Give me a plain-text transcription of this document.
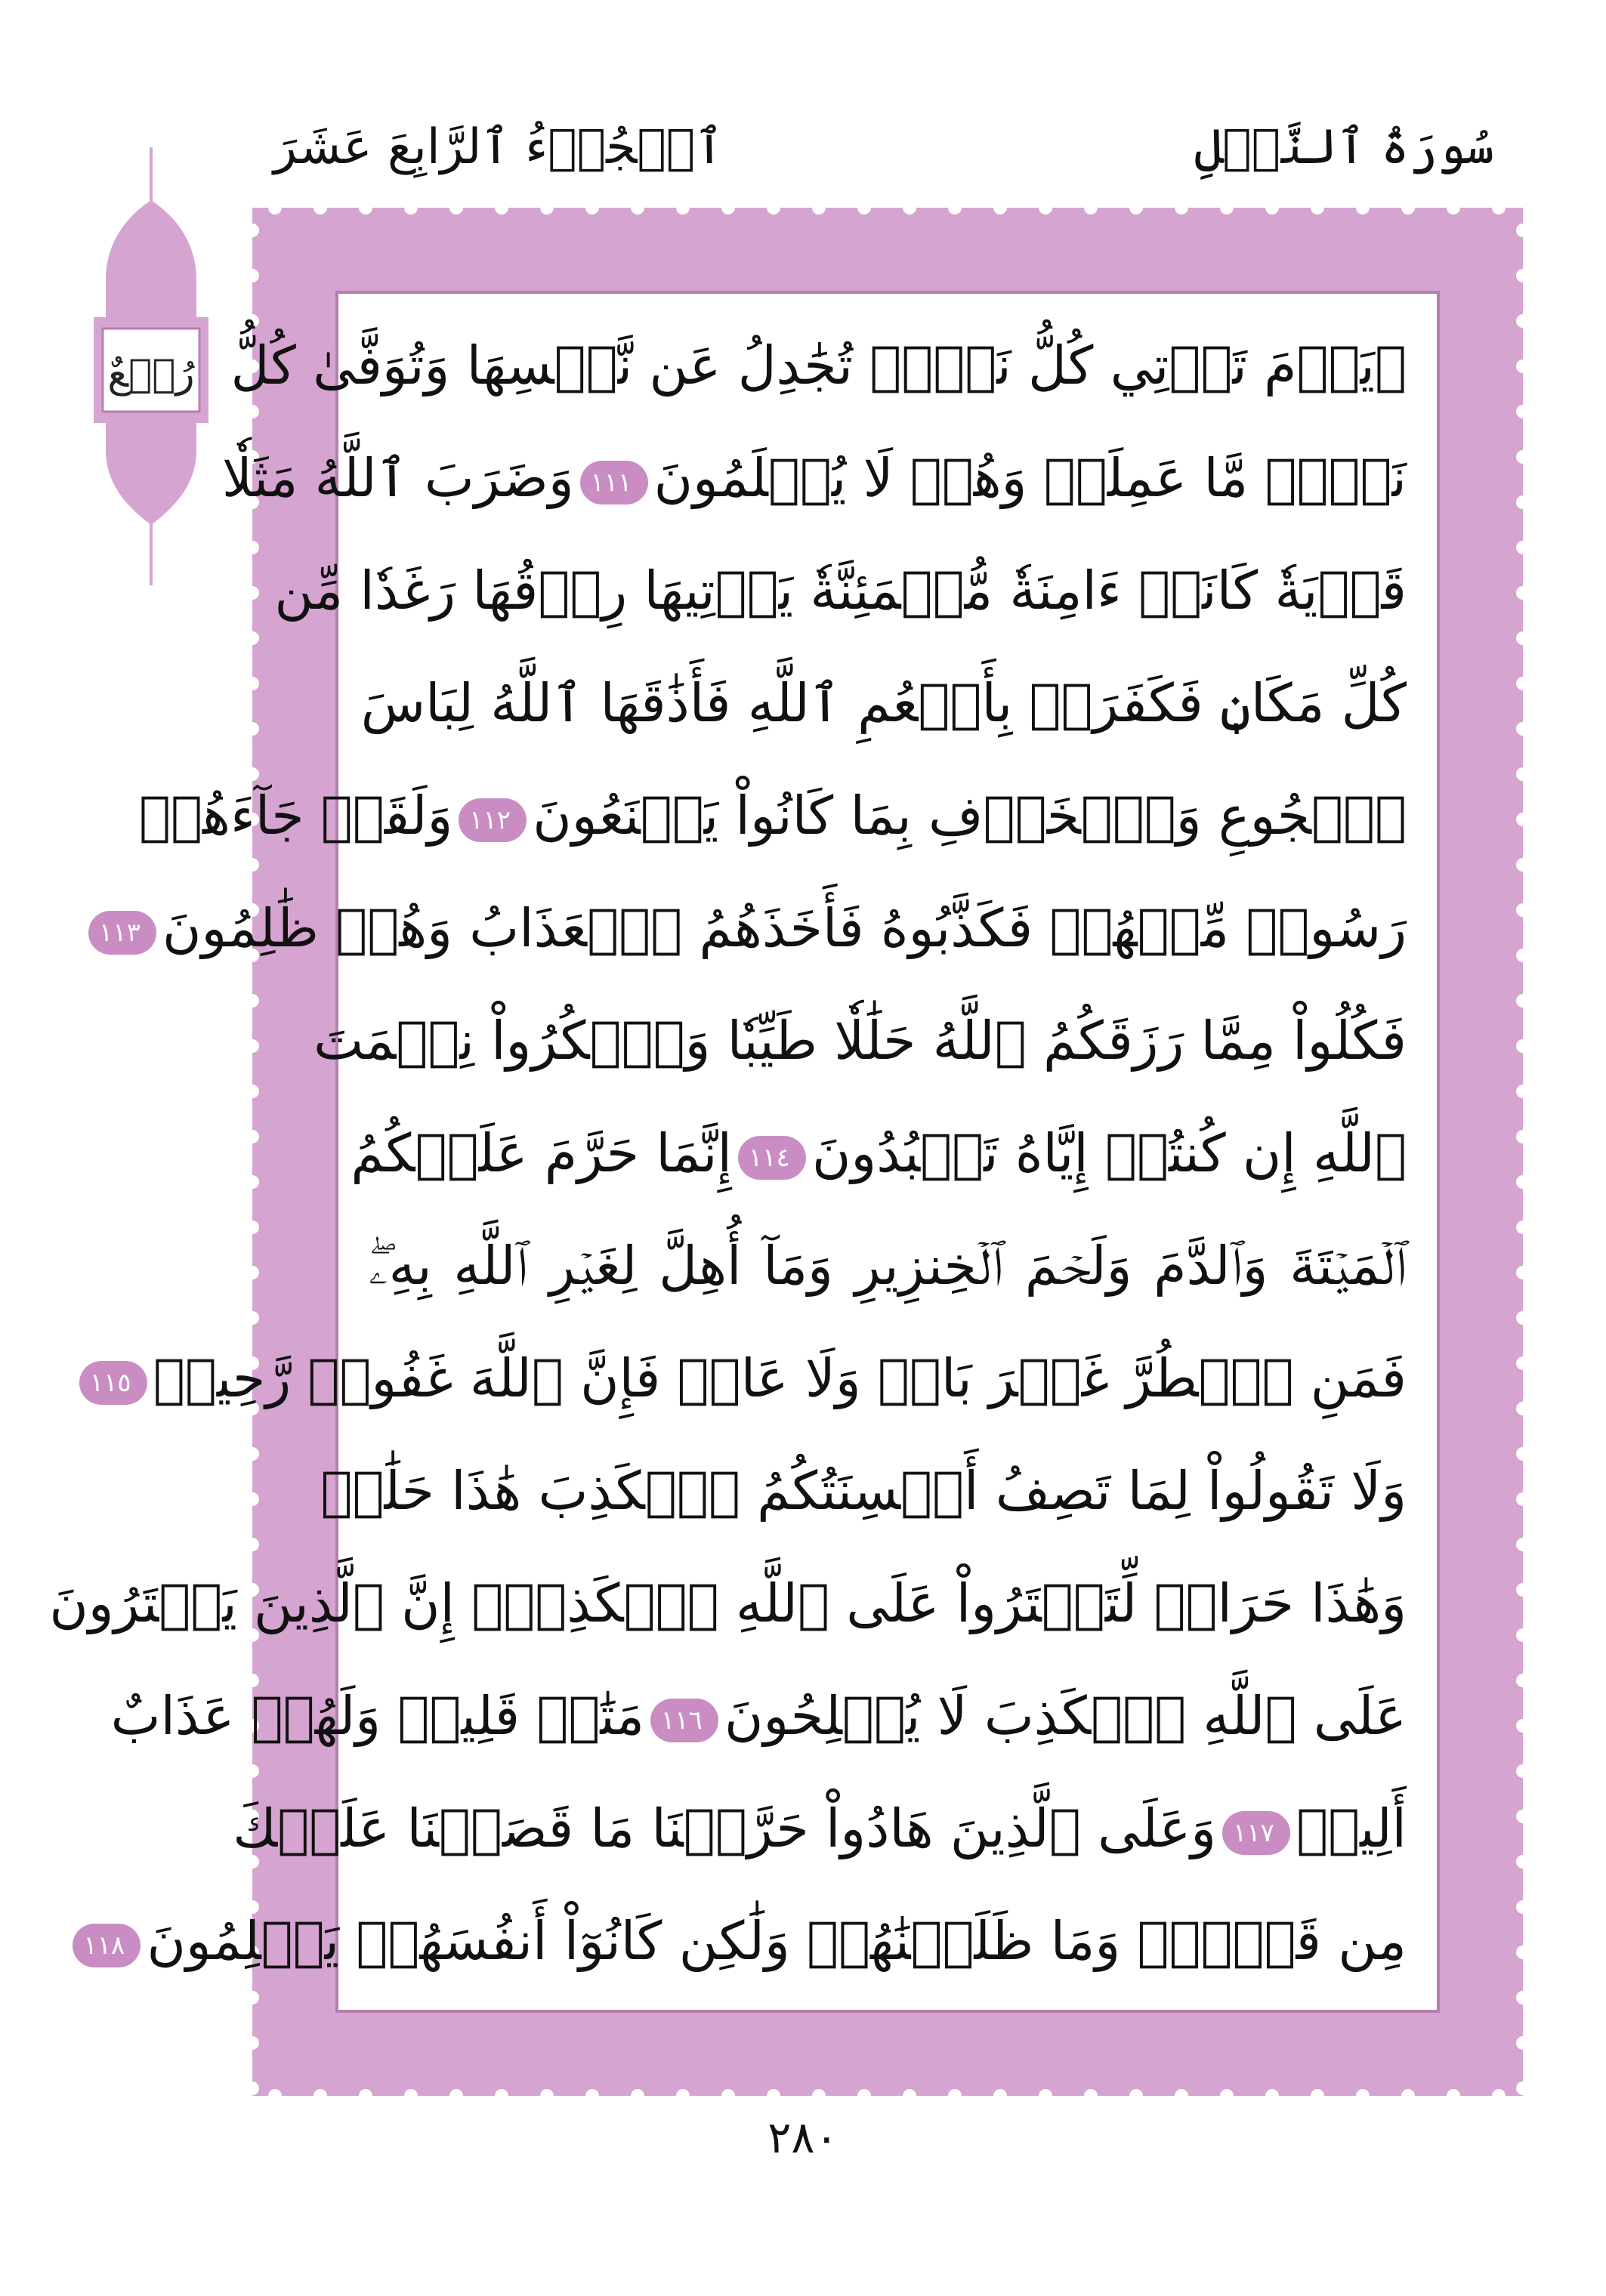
سُورَةُ ٱلنَّحۡلِ
ٱلۡجُزۡءُ ٱلرَّابِعَ عَشَرَ
رُبۡعٌ ۞يَوۡمَ تَأۡتِي كُلُّ نَفۡسٖ تُجَٰدِلُ عَن نَّفۡسِهَا وَتُوَفَّىٰ كُلُّ
نَفۡسٖ مَّا عَمِلَتۡ وَهُمۡ لَا يُظۡلَمُونَ١١١وَضَرَبَ ٱللَّهُ مَثَلٗا
قَرۡيَةٗ كَانَتۡ ءَامِنَةٗ مُّطۡمَئِنَّةٗ يَأۡتِيهَا رِزۡقُهَا رَغَدٗا مِّن
كُلِّ مَكَانٖ فَكَفَرَتۡ بِأَنۡعُمِ ٱللَّهِ فَأَذَٰقَهَا ٱللَّهُ لِبَاسَ
ٱلۡجُوعِ وَٱلۡخَوۡفِ بِمَا كَانُواْ يَصۡنَعُونَ١١٢وَلَقَدۡ جَآءَهُمۡ
رَسُولٞ مِّنۡهُمۡ فَكَذَّبُوهُ فَأَخَذَهُمُ ٱلۡعَذَابُ وَهُمۡ ظَٰلِمُونَ١١٣
فَكُلُواْ مِمَّا رَزَقَكُمُ ٱللَّهُ حَلَٰلٗا طَيِّبٗا وَٱشۡكُرُواْ نِعۡمَتَ
ٱللَّهِ إِن كُنتُمۡ إِيَّاهُ تَعۡبُدُونَ١١٤إِنَّمَا حَرَّمَ عَلَيۡكُمُ
ٱلۡمَيۡتَةَ وَٱلدَّمَ وَلَحۡمَ ٱلۡخِنزِيرِ وَمَآ أُهِلَّ لِغَيۡرِ ٱللَّهِ بِهِۦۖ
فَمَنِ ٱضۡطُرَّ غَيۡرَ بَاغٖ وَلَا عَادٖ فَإِنَّ ٱللَّهَ غَفُورٞ رَّحِيمٞ١١٥
وَلَا تَقُولُواْ لِمَا تَصِفُ أَلۡسِنَتُكُمُ ٱلۡكَذِبَ هَٰذَا حَلَٰلٞ
وَهَٰذَا حَرَامٞ لِّتَفۡتَرُواْ عَلَى ٱللَّهِ ٱلۡكَذِبَۚ إِنَّ ٱلَّذِينَ يَفۡتَرُونَ
عَلَى ٱللَّهِ ٱلۡكَذِبَ لَا يُفۡلِحُونَ١١٦مَتَٰعٞ قَلِيلٞ وَلَهُمۡ عَذَابٌ
أَلِيمٞ١١٧وَعَلَى ٱلَّذِينَ هَادُواْ حَرَّمۡنَا مَا قَصَصۡنَا عَلَيۡكَ
مِن قَبۡلُۖ وَمَا ظَلَمۡنَٰهُمۡ وَلَٰكِن كَانُوٓاْ أَنفُسَهُمۡ يَظۡلِمُونَ١١٨
٢٨٠
